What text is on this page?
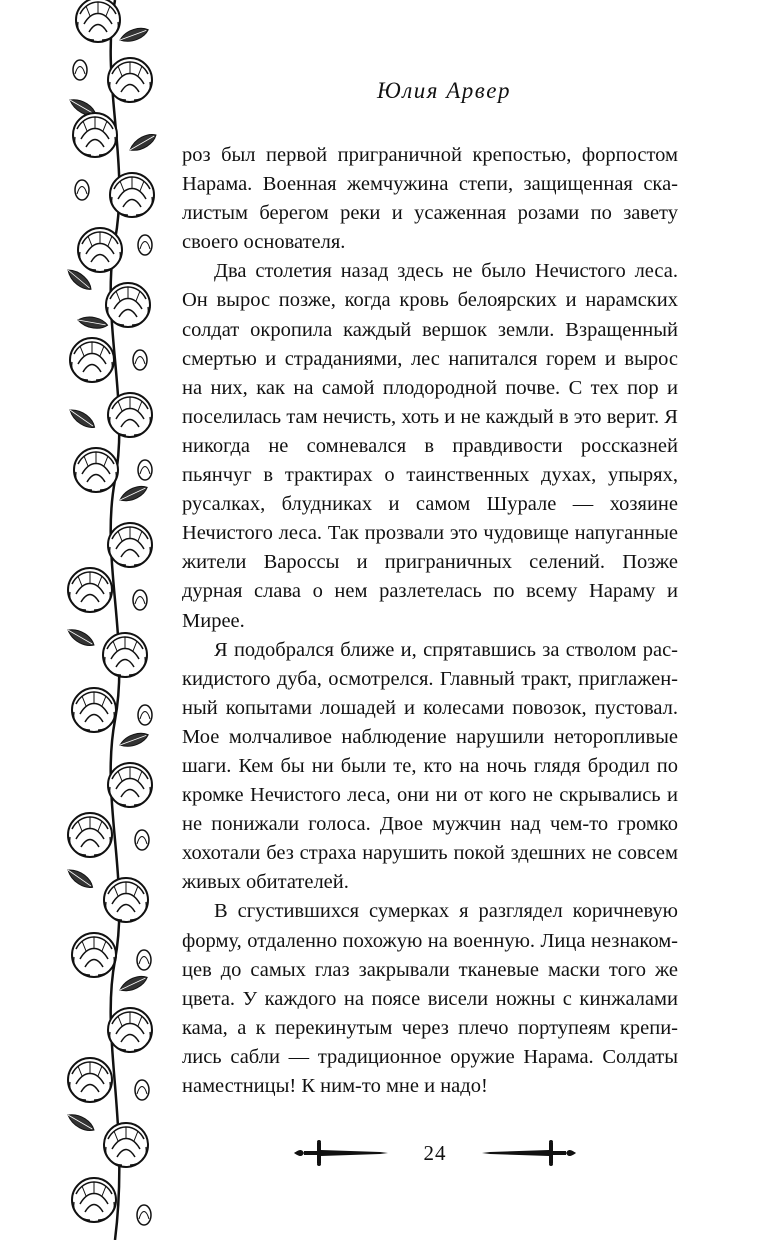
Юлия Арвер

роз был первой приграничной крепостью, форпостом Нарама. Военная жемчужина степи, защищенная скалистым берегом реки и усаженная розами по завету своего основателя.

Два столетия назад здесь не было Нечистого леса. Он вырос позже, когда кровь белоярских и нарамских солдат окропила каждый вершок земли. Взращенный смертью и страданиями, лес напитался горем и вырос на них, как на самой плодородной почве. С тех пор и поселилась там нечисть, хоть и не каждый в это верит. Я никогда не сомневался в правдивости россказней пьянчуг в трактирах о таинственных духах, упырях, русалках, блудниках и самом Шурале — хозяине Нечистого леса. Так прозвали это чудовище напуганные жители Вароссы и приграничных селений. Позже дурная слава о нем разлетелась по всему Нараму и Мирее.

Я подобрался ближе и, спрятавшись за стволом раскидистого дуба, осмотрелся. Главный тракт, приглаженный копытами лошадей и колесами повозок, пустовал. Мое молчаливое наблюдение нарушили неторопливые шаги. Кем бы ни были те, кто на ночь глядя бродил по кромке Нечистого леса, они ни от кого не скрывались и не понижали голоса. Двое мужчин над чем-то громко хохотали без страха нарушить покой здешних не совсем живых обитателей.

В сгустившихся сумерках я разглядел коричневую форму, отдаленно похожую на военную. Лица незнакомцев до самых глаз закрывали тканевые маски того же цвета. У каждого на поясе висели ножны с кинжалами кама, а к перекинутым через плечо портупеям крепились сабли — традиционное оружие Нарама. Солдаты наместницы! К ним-то мне и надо!

24
